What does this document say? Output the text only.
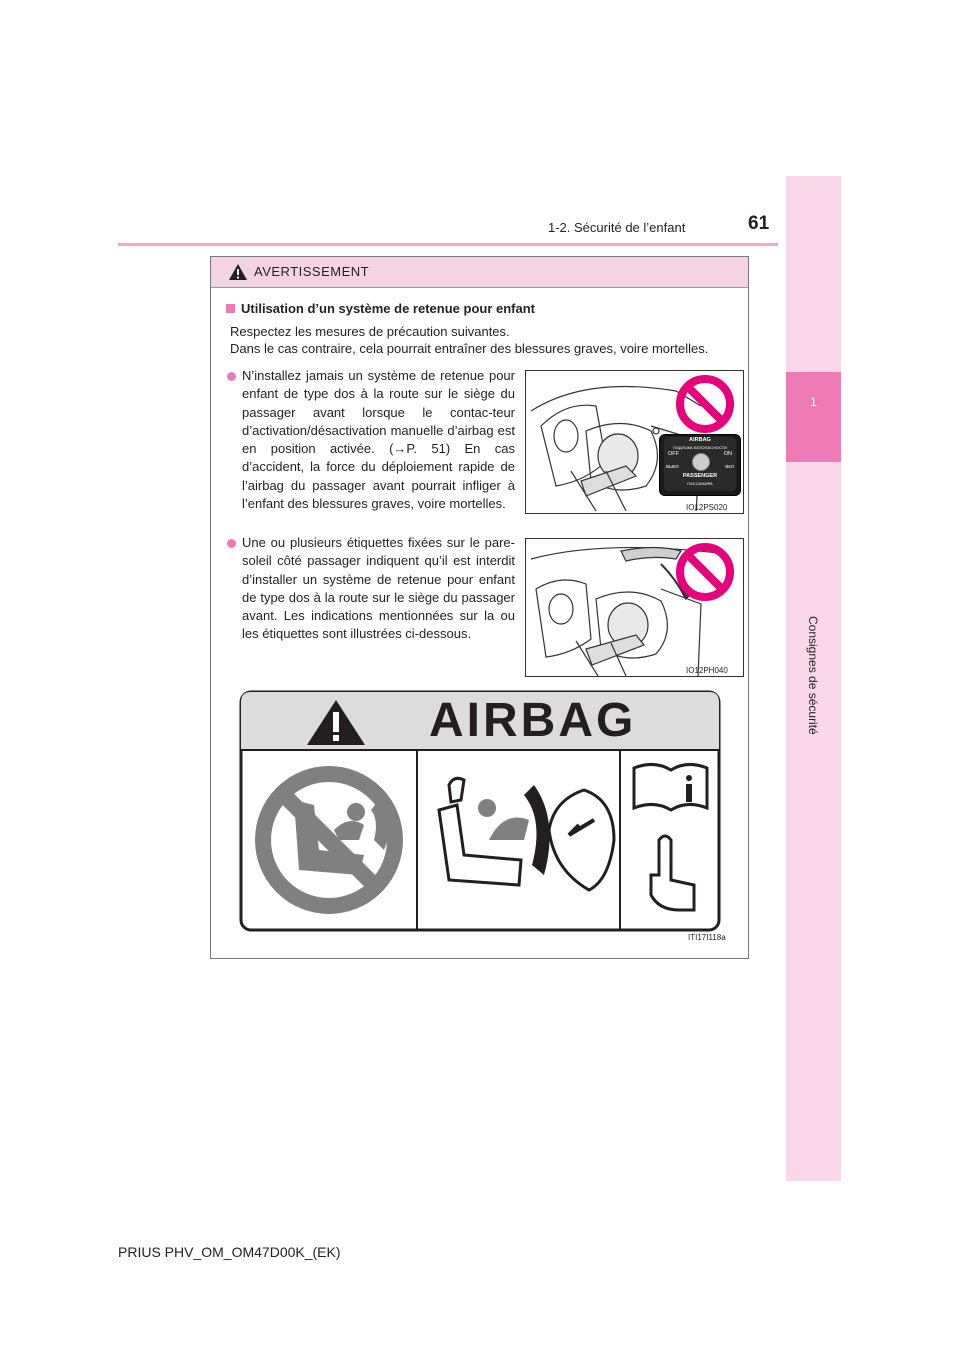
1-2. Sécurité de l’enfant	61
1
Consignes de sécurité
AVERTISSEMENT
Utilisation d’un système de retenue pour enfant
Respectez les mesures de précaution suivantes.
Dans le cas contraire, cela pourrait entraîner des blessures graves, voire mortelles.
N’installez jamais un système de retenue pour enfant de type dos à la route sur le siège du passager avant lorsque le contac-teur d’activation/désactivation manuelle d’airbag est en position activée. (→P. 51) En cas d’accident, la force du déploiement rapide de l’airbag du passager avant pourrait infliger à l’enfant des blessures graves, voire mortelles.
AIRBAG
ПОДУШКА БЕЗОПАСНОСТИ
OFF	ON
ВЫКЛ	ВКЛ
PASSENGER
ПАССАЖИРА
IO12PS020
Une ou plusieurs étiquettes fixées sur le pare-soleil côté passager indiquent qu’il est interdit d’installer un système de retenue pour enfant de type dos à la route sur le siège du passager avant. Les indications mentionnées sur la ou les étiquettes sont illustrées ci-dessous.
IO12PH040
AIRBAG
ITI17I118a
PRIUS PHV_OM_OM47D00K_(EK)
